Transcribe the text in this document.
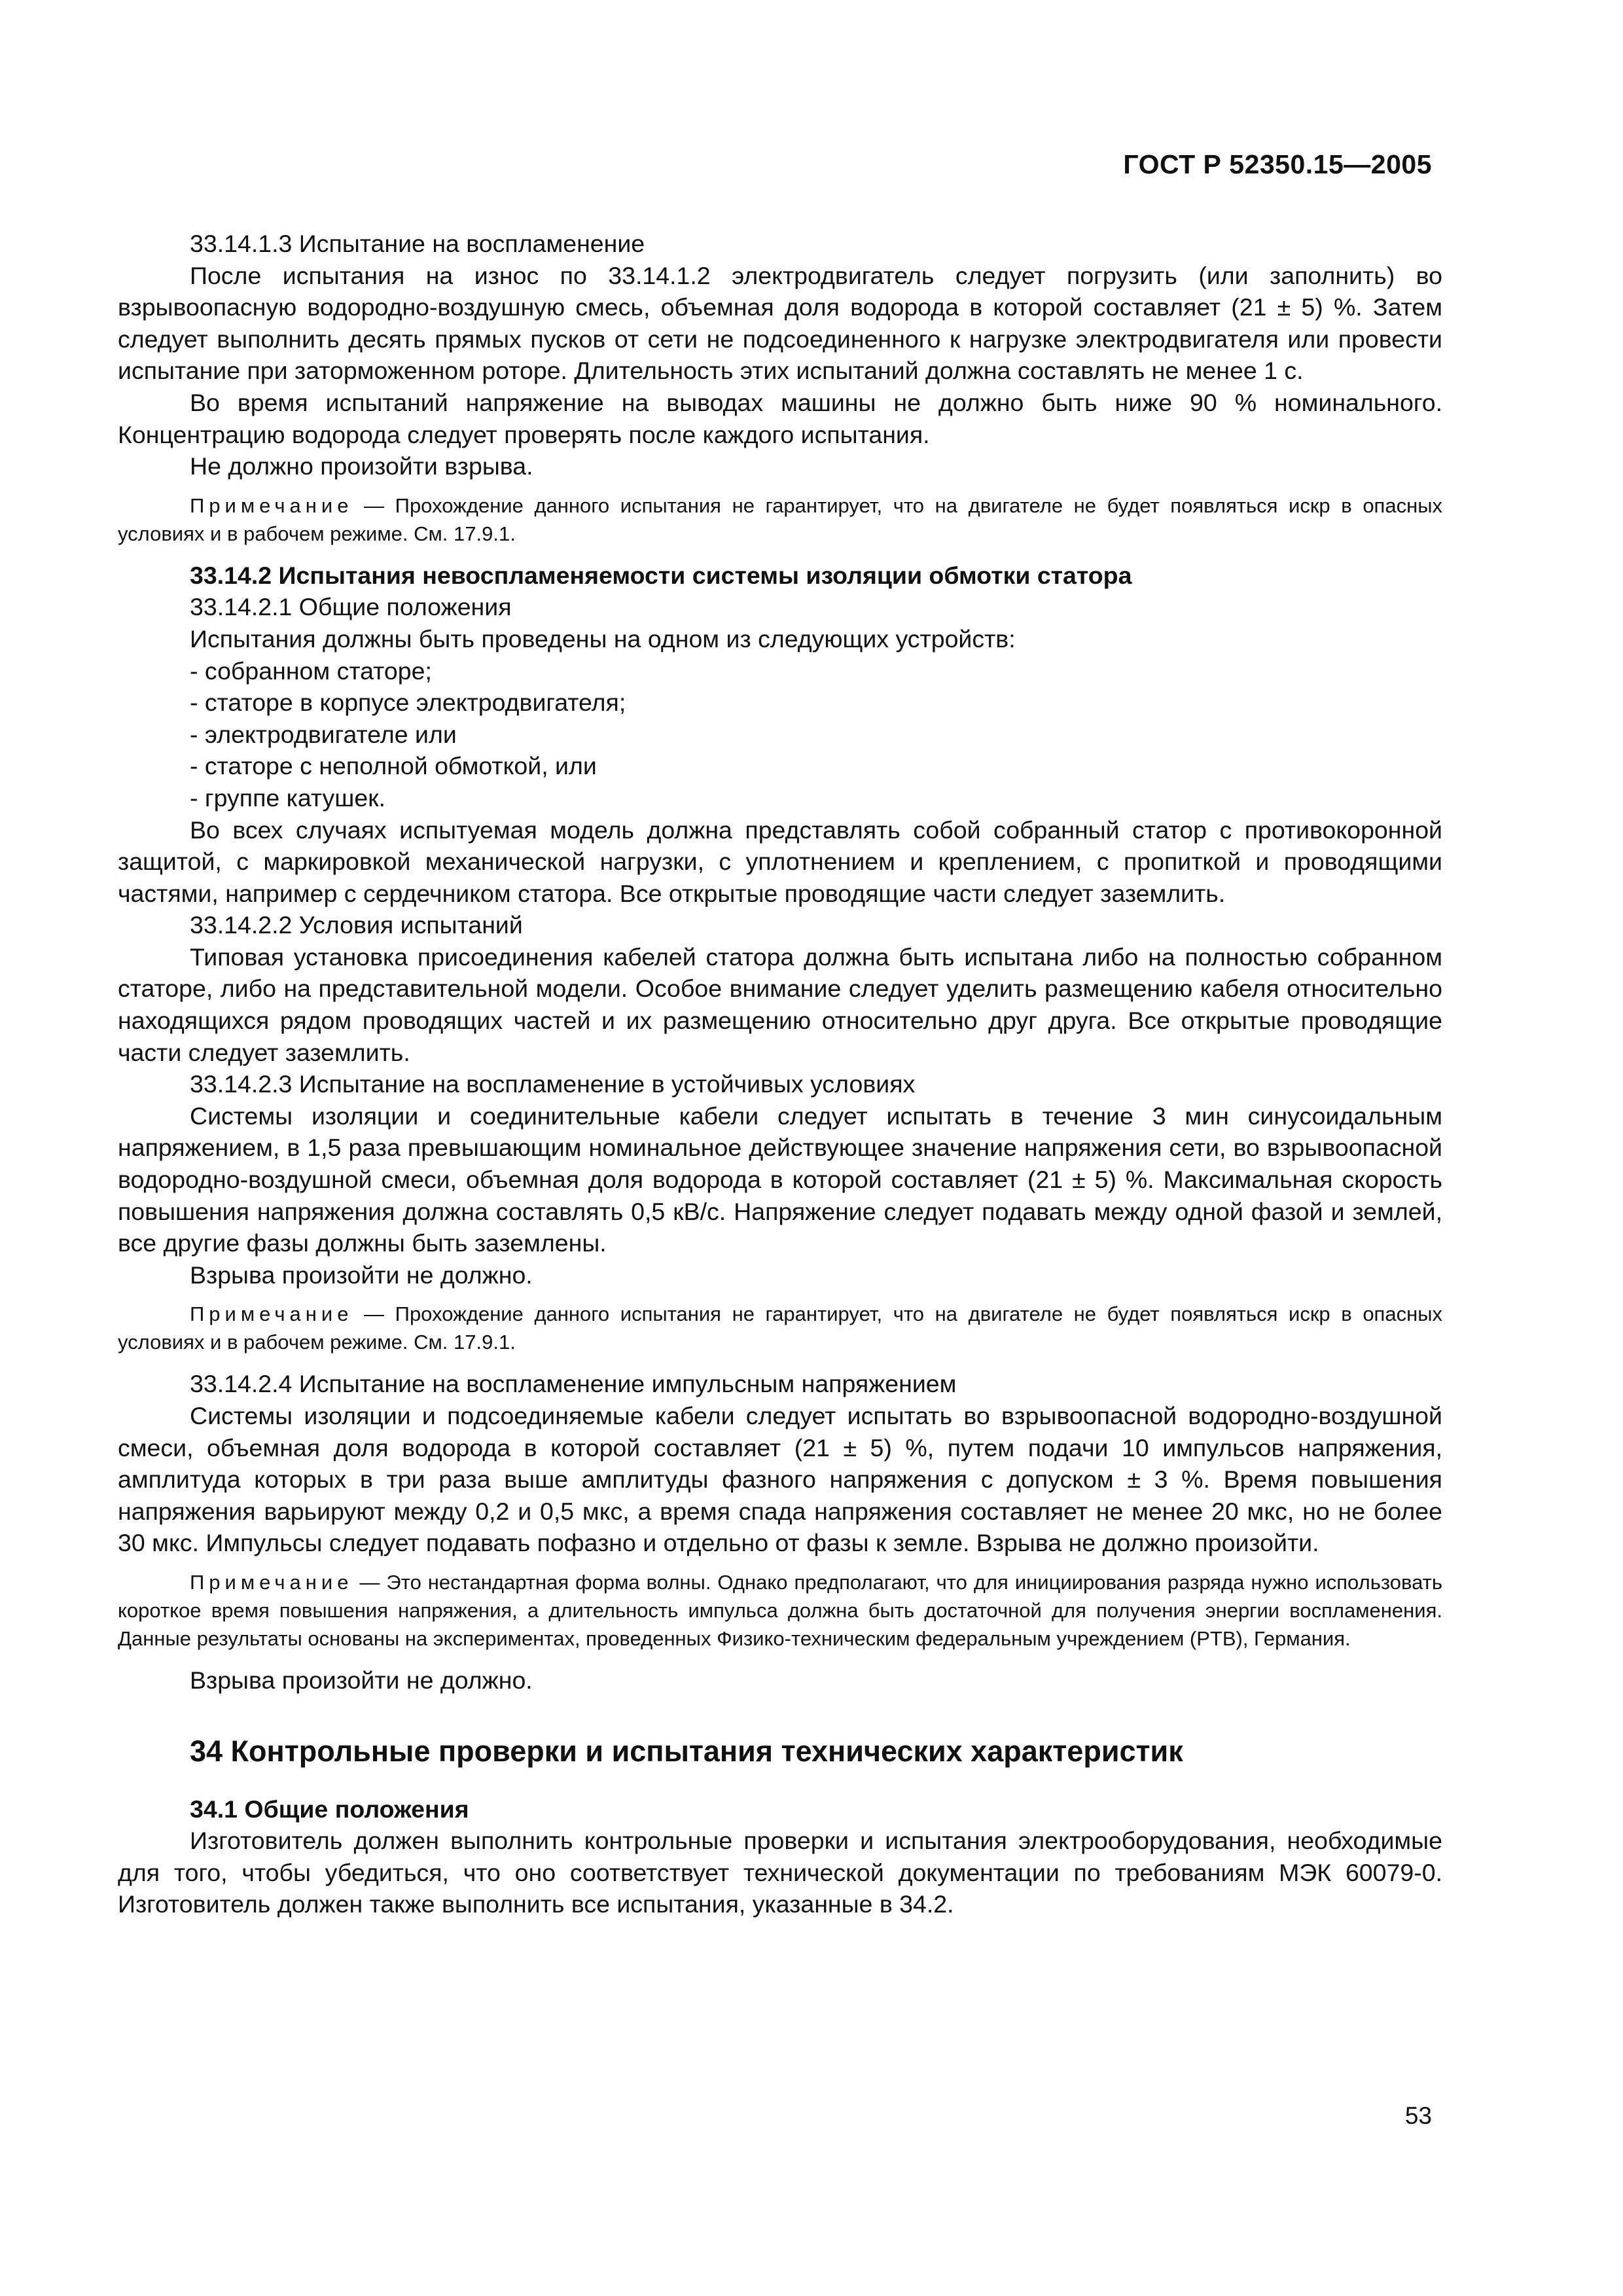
ГОСТ Р 52350.15—2005

33.14.1.3 Испытание на воспламенение

После испытания на износ по 33.14.1.2 электродвигатель следует погрузить (или заполнить) во взрывоопасную водородно-воздушную смесь, объемная доля водорода в которой составляет (21 ± 5) %. Затем следует выполнить десять прямых пусков от сети не подсоединенного к нагрузке электродвигателя или провести испытание при заторможенном роторе. Длительность этих испытаний должна составлять не менее 1 с.

Во время испытаний напряжение на выводах машины не должно быть ниже 90 % номинального. Концентрацию водорода следует проверять после каждого испытания.

Не должно произойти взрыва.

Примечание — Прохождение данного испытания не гарантирует, что на двигателе не будет появляться искр в опасных условиях и в рабочем режиме. См. 17.9.1.

33.14.2 Испытания невоспламеняемости системы изоляции обмотки статора

33.14.2.1 Общие положения

Испытания должны быть проведены на одном из следующих устройств:

- собранном статоре;

- статоре в корпусе электродвигателя;

- электродвигателе или

- статоре с неполной обмоткой, или

- группе катушек.

Во всех случаях испытуемая модель должна представлять собой собранный статор с противокоронной защитой, с маркировкой механической нагрузки, с уплотнением и креплением, с пропиткой и проводящими частями, например с сердечником статора. Все открытые проводящие части следует заземлить.

33.14.2.2 Условия испытаний

Типовая установка присоединения кабелей статора должна быть испытана либо на полностью собранном статоре, либо на представительной модели. Особое внимание следует уделить размещению кабеля относительно находящихся рядом проводящих частей и их размещению относительно друг друга. Все открытые проводящие части следует заземлить.

33.14.2.3 Испытание на воспламенение в устойчивых условиях

Системы изоляции и соединительные кабели следует испытать в течение 3 мин синусоидальным напряжением, в 1,5 раза превышающим номинальное действующее значение напряжения сети, во взрывоопасной водородно-воздушной смеси, объемная доля водорода в которой составляет (21 ± 5) %. Максимальная скорость повышения напряжения должна составлять 0,5 кВ/с. Напряжение следует подавать между одной фазой и землей, все другие фазы должны быть заземлены.

Взрыва произойти не должно.

Примечание — Прохождение данного испытания не гарантирует, что на двигателе не будет появляться искр в опасных условиях и в рабочем режиме. См. 17.9.1.

33.14.2.4 Испытание на воспламенение импульсным напряжением

Системы изоляции и подсоединяемые кабели следует испытать во взрывоопасной водородно-воздушной смеси, объемная доля водорода в которой составляет (21 ± 5) %, путем подачи 10 импульсов напряжения, амплитуда которых в три раза выше амплитуды фазного напряжения с допуском ± 3 %. Время повышения напряжения варьируют между 0,2 и 0,5 мкс, а время спада напряжения составляет не менее 20 мкс, но не более 30 мкс. Импульсы следует подавать пофазно и отдельно от фазы к земле. Взрыва не должно произойти.

Примечание — Это нестандартная форма волны. Однако предполагают, что для инициирования разряда нужно использовать короткое время повышения напряжения, а длительность импульса должна быть достаточной для получения энергии воспламенения. Данные результаты основаны на экспериментах, проведенных Физико-техническим федеральным учреждением (PTB), Германия.

Взрыва произойти не должно.

34 Контрольные проверки и испытания технических характеристик

34.1 Общие положения

Изготовитель должен выполнить контрольные проверки и испытания электрооборудования, необходимые для того, чтобы убедиться, что оно соответствует технической документации по требованиям МЭК 60079-0. Изготовитель должен также выполнить все испытания, указанные в 34.2.

53
